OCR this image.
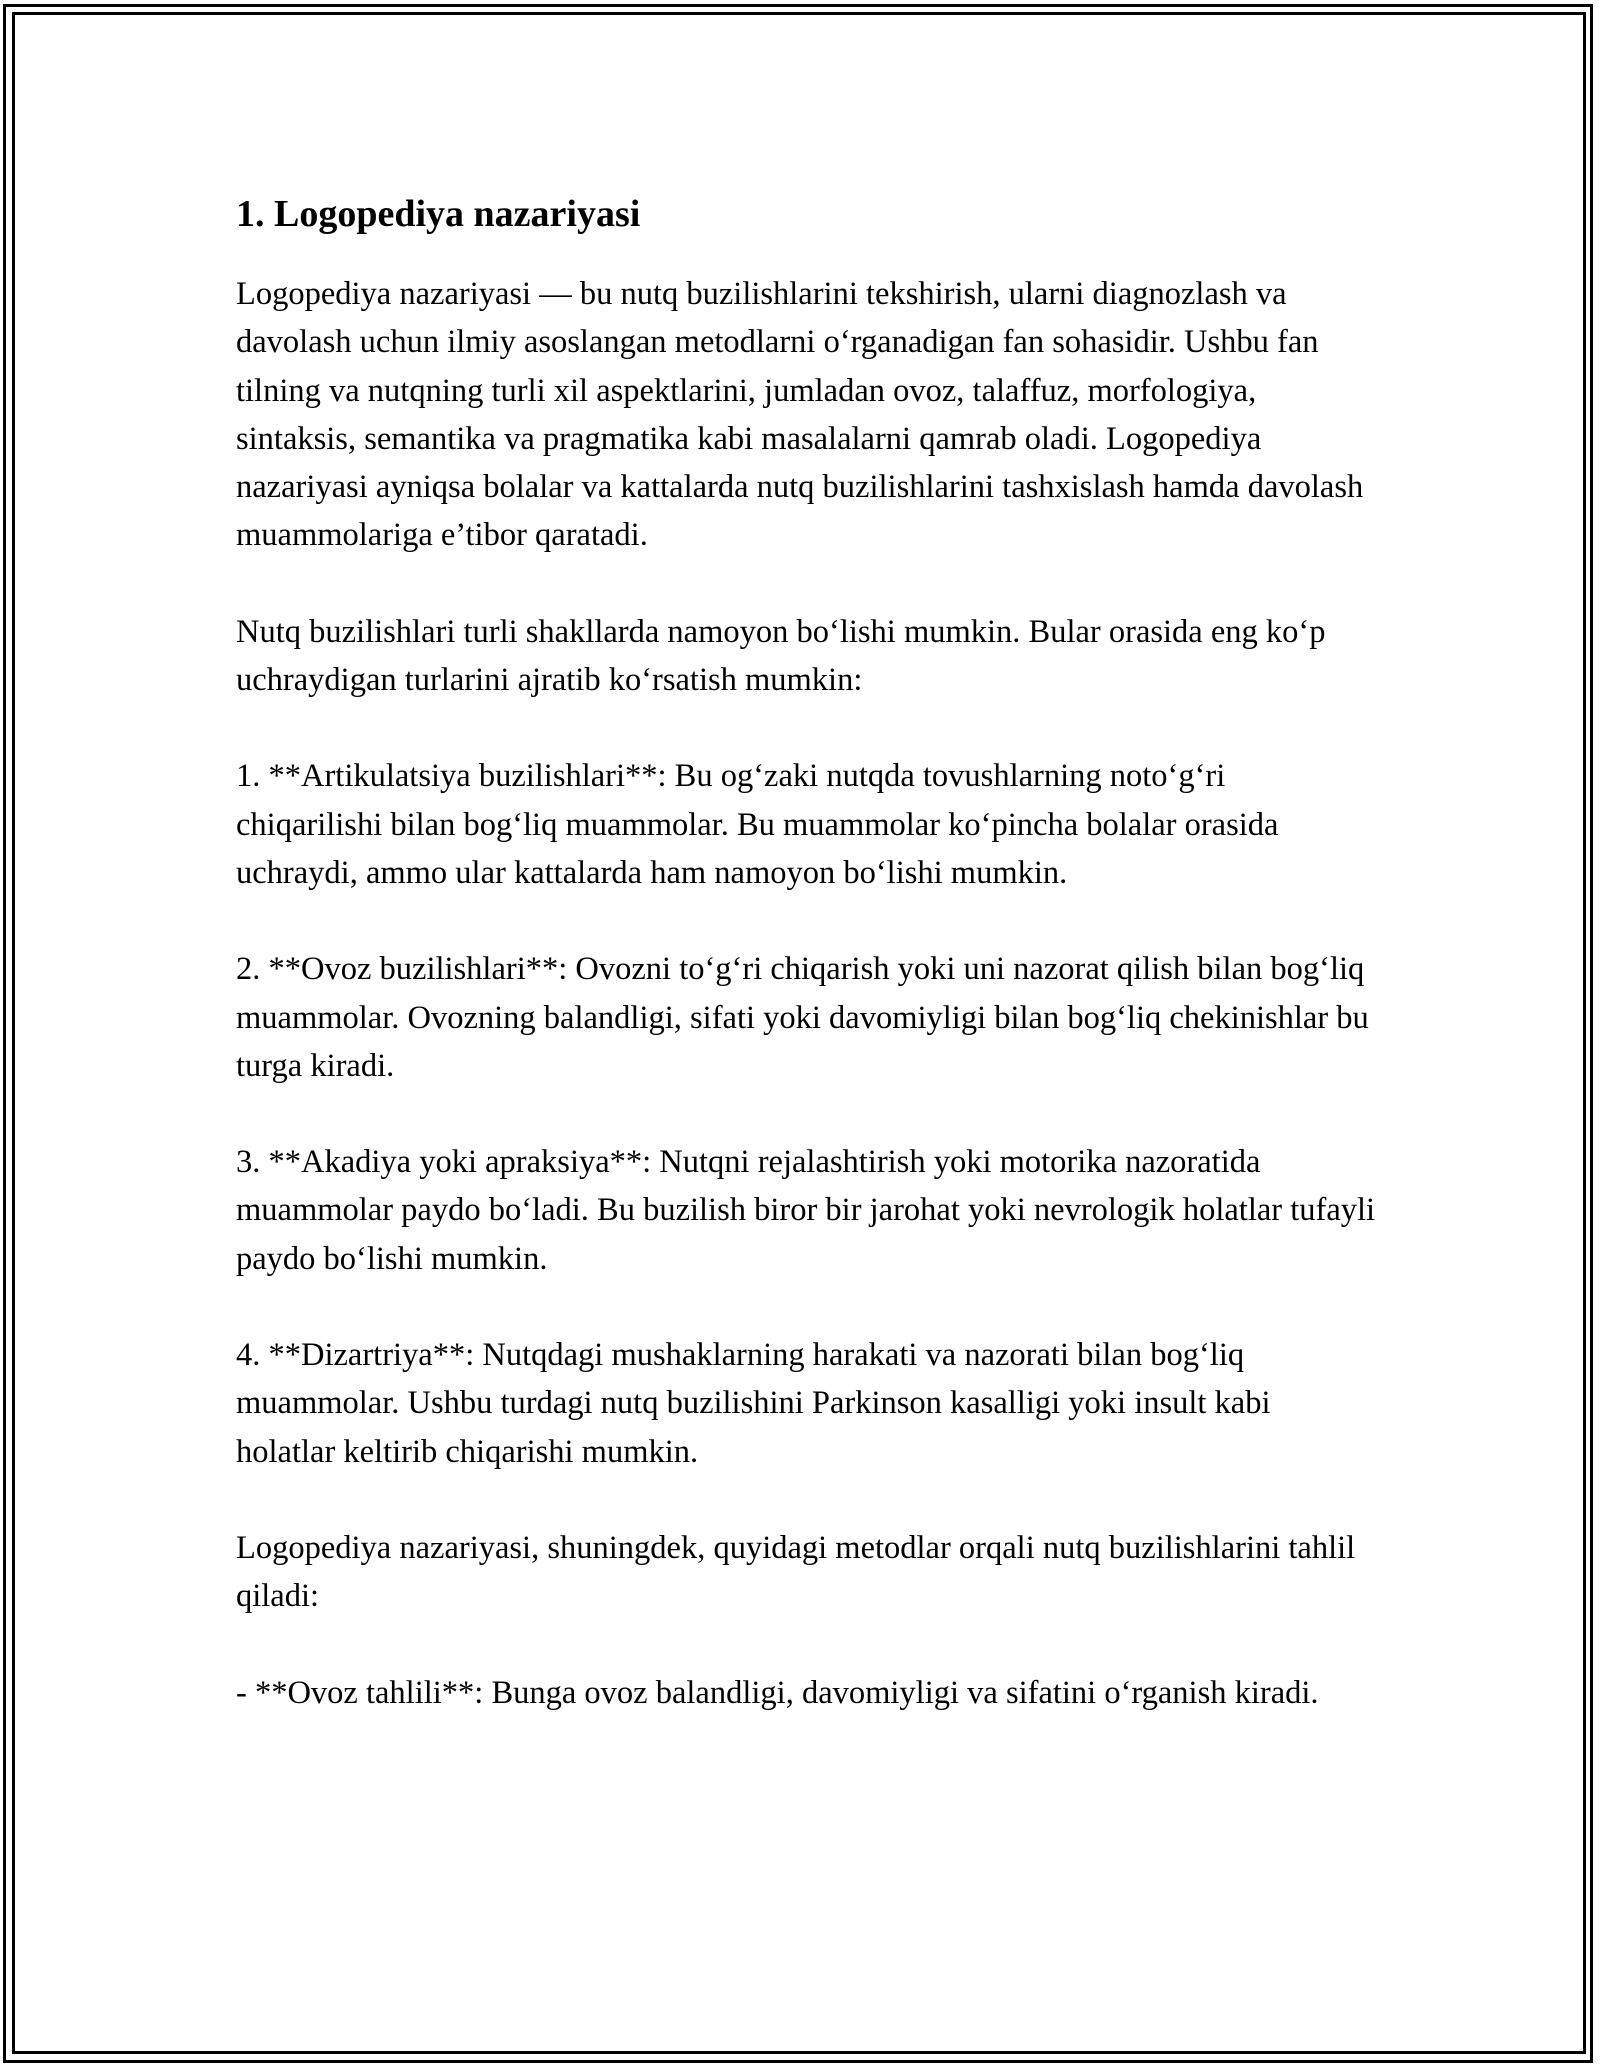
1. Logopediya nazariyasi

Logopediya nazariyasi — bu nutq buzilishlarini tekshirish, ularni diagnozlash va davolash uchun ilmiy asoslangan metodlarni o‘rganadigan fan sohasidir. Ushbu fan tilning va nutqning turli xil aspektlarini, jumladan ovoz, talaffuz, morfologiya, sintaksis, semantika va pragmatika kabi masalalarni qamrab oladi. Logopediya nazariyasi ayniqsa bolalar va kattalarda nutq buzilishlarini tashxislash hamda davolash muammolariga e’tibor qaratadi.

Nutq buzilishlari turli shakllarda namoyon bo‘lishi mumkin. Bular orasida eng ko‘p uchraydigan turlarini ajratib ko‘rsatish mumkin:

1. **Artikulatsiya buzilishlari**: Bu og‘zaki nutqda tovushlarning noto‘g‘ri chiqarilishi bilan bog‘liq muammolar. Bu muammolar ko‘pincha bolalar orasida uchraydi, ammo ular kattalarda ham namoyon bo‘lishi mumkin.

2. **Ovoz buzilishlari**: Ovozni to‘g‘ri chiqarish yoki uni nazorat qilish bilan bog‘liq muammolar. Ovozning balandligi, sifati yoki davomiyligi bilan bog‘liq chekinishlar bu turga kiradi.

3. **Akadiya yoki apraksiya**: Nutqni rejalashtirish yoki motorika nazoratida muammolar paydo bo‘ladi. Bu buzilish biror bir jarohat yoki nevrologik holatlar tufayli paydo bo‘lishi mumkin.

4. **Dizartriya**: Nutqdagi mushaklarning harakati va nazorati bilan bog‘liq muammolar. Ushbu turdagi nutq buzilishini Parkinson kasalligi yoki insult kabi holatlar keltirib chiqarishi mumkin.

Logopediya nazariyasi, shuningdek, quyidagi metodlar orqali nutq buzilishlarini tahlil qiladi:

- **Ovoz tahlili**: Bunga ovoz balandligi, davomiyligi va sifatini o‘rganish kiradi.
